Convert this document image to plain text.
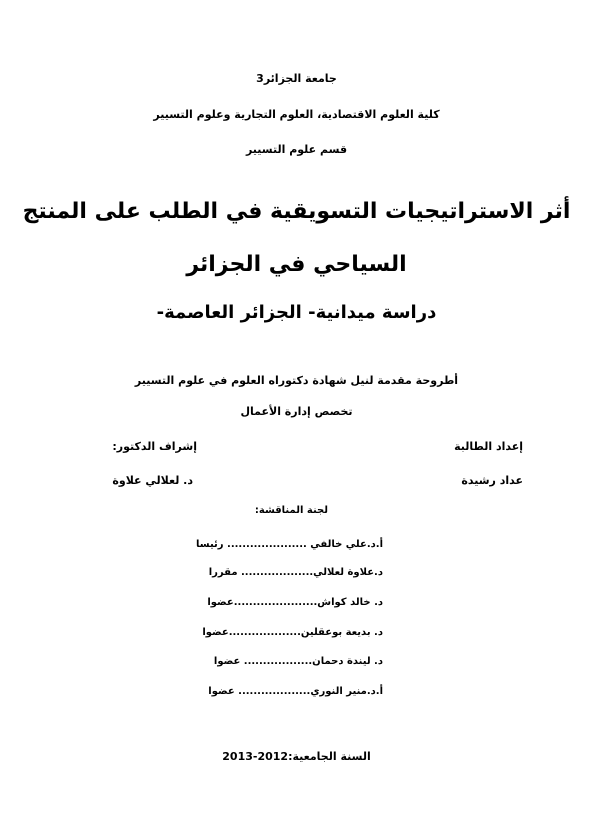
جامعة الجزائر3
كلية العلوم الاقتصادية، العلوم التجارية وعلوم التسيير
قسم علوم التسيير
أثر الاستراتيجيات التسويقية في الطلب على المنتج
السياحي في الجزائر
دراسة ميدانية- الجزائر العاصمة-
أطروحة مقدمة لنيل شهادة دكتوراه العلوم في علوم التسيير
تخصص إدارة الأعمال
إعداد الطالبة
عداد رشيدة
إشراف الدكتور:
د. لعلالي علاوة
لجنة المناقشة:
أ.د.علي خالفي ..................... رئيسا
د.علاوة لعلالي................... مقررا
د. خالد كواش......................عضوا
د. بديعة بوعقلين...................عضوا
د. ليندة دحمان.................. عضوا
أ.د.منير النوري................... عضوا
السنة الجامعية:2012-2013
